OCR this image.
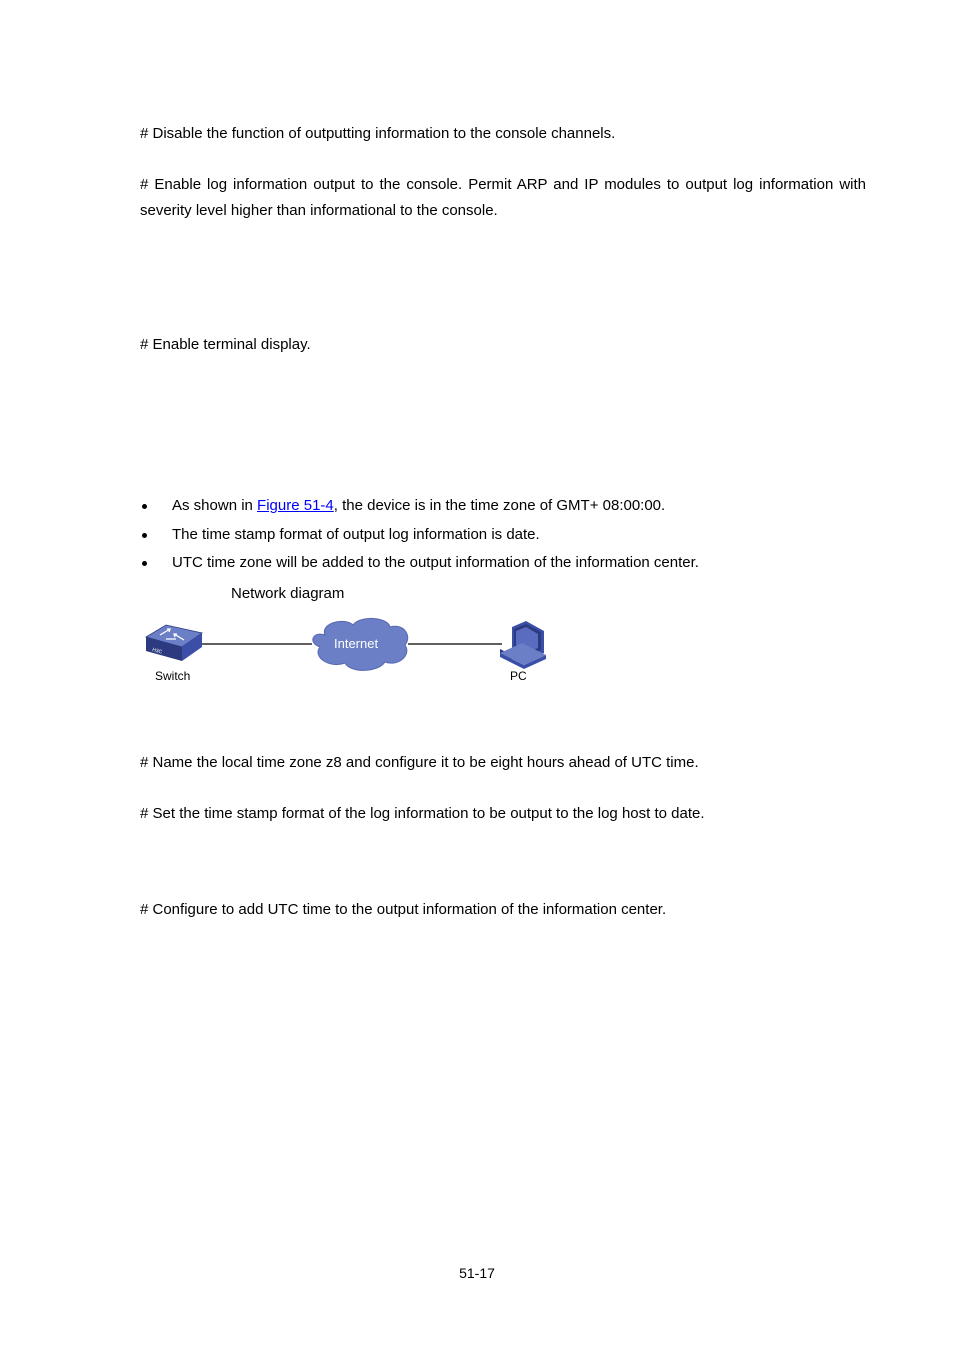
# Disable the function of outputting information to the console channels.
# Enable log information output to the console. Permit ARP and IP modules to output log information with severity level higher than informational to the console.
# Enable terminal display.
As shown in Figure 51-4, the device is in the time zone of GMT+ 08:00:00.
The time stamp format of output log information is date.
UTC time zone will be added to the output information of the information center.
Network diagram
H3C
Switch
Internet
PC
# Name the local time zone z8 and configure it to be eight hours ahead of UTC time.
# Set the time stamp format of the log information to be output to the log host to date.
# Configure to add UTC time to the output information of the information center.
51-17
